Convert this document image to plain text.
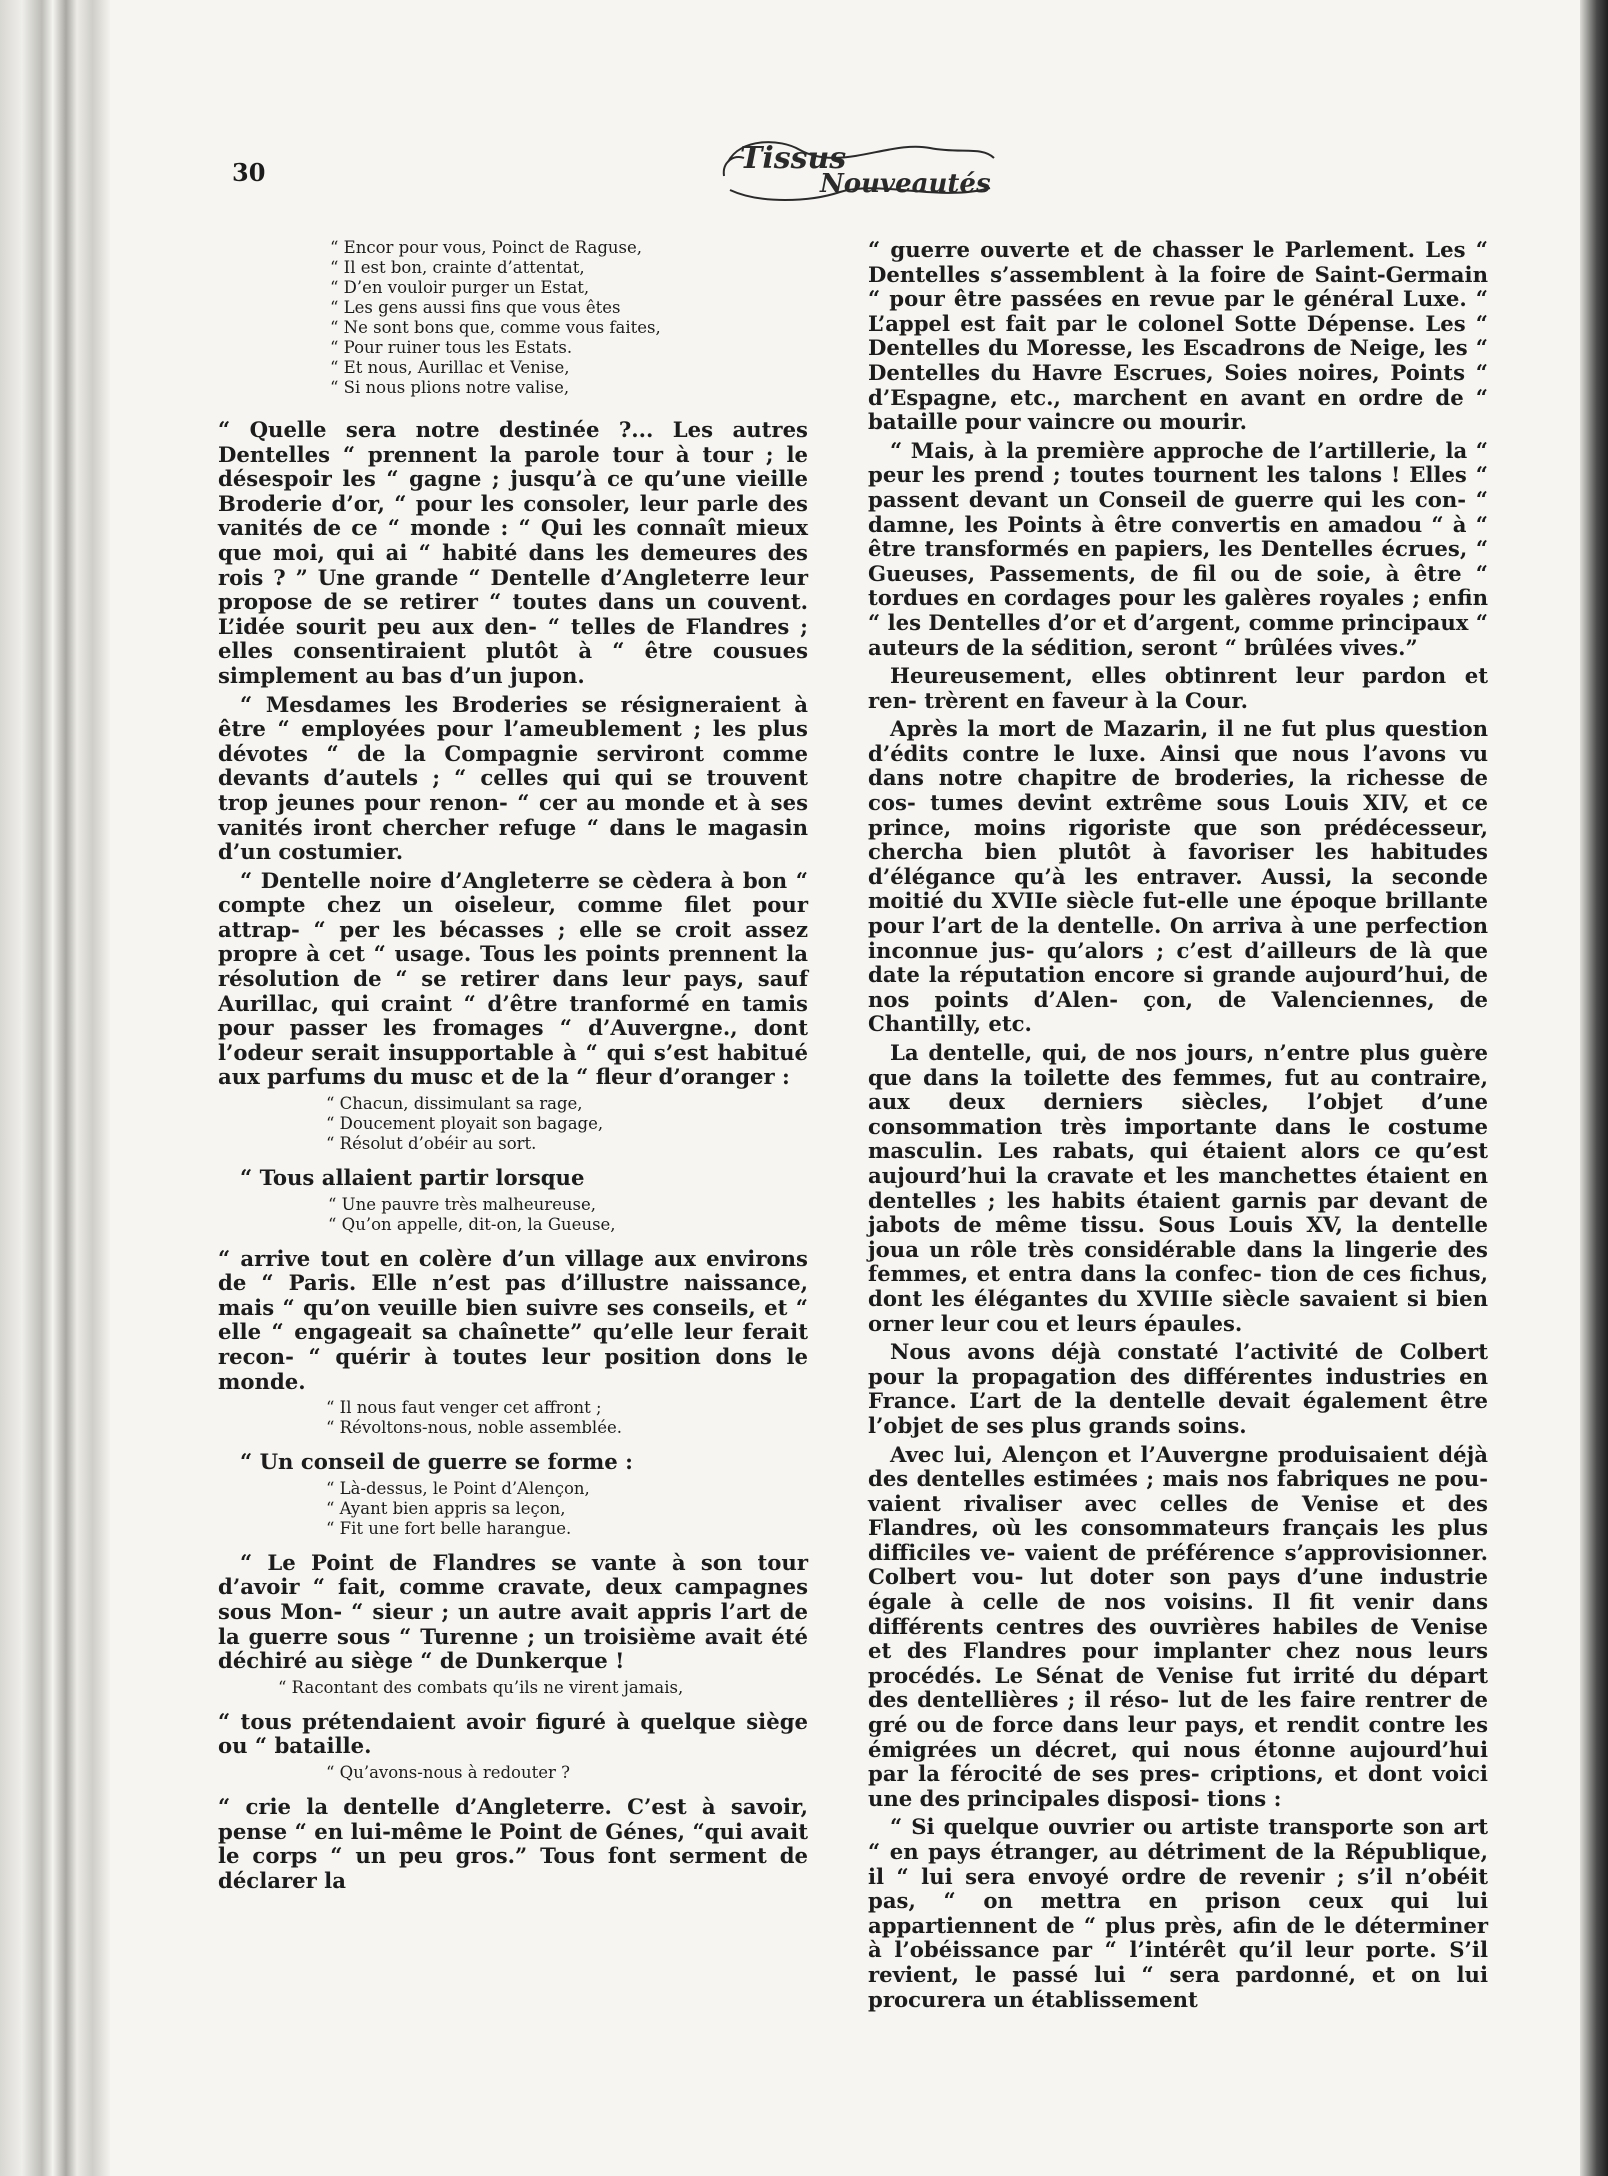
30	Tissus
Nouveautés
“ Encor pour vous, Poinct de Raguse,
“ Il est bon, crainte d’attentat,
“ D’en vouloir purger un Estat,
“ Les gens aussi fins que vous êtes
“ Ne sont bons que, comme vous faites,
“ Pour ruiner tous les Estats.
“ Et nous, Aurillac et Venise,
“ Si nous plions notre valise,

“ Quelle sera notre destinée ?... Les autres Dentelles “ prennent la parole tour à tour ; le désespoir les “ gagne ; jusqu’à ce qu’une vieille Broderie d’or, “ pour les consoler, leur parle des vanités de ce “ monde : “ Qui les connaît mieux que moi, qui ai “ habité dans les demeures des rois ? ” Une grande “ Dentelle d’Angleterre leur propose de se retirer “ toutes dans un couvent. L’idée sourit peu aux den- “ telles de Flandres ; elles consentiraient plutôt à “ être cousues simplement au bas d’un jupon.

“ Mesdames les Broderies se résigneraient à être “ employées pour l’ameublement ; les plus dévotes “ de la Compagnie serviront comme devants d’autels ; “ celles qui qui se trouvent trop jeunes pour renon- “ cer au monde et à ses vanités iront chercher refuge “ dans le magasin d’un costumier.

“ Dentelle noire d’Angleterre se cèdera à bon “ compte chez un oiseleur, comme filet pour attrap- “ per les bécasses ; elle se croit assez propre à cet “ usage. Tous les points prennent la résolution de “ se retirer dans leur pays, sauf Aurillac, qui craint “ d’être tranformé en tamis pour passer les fromages “ d’Auvergne., dont l’odeur serait insupportable à “ qui s’est habitué aux parfums du musc et de la “ fleur d’oranger :

“ Chacun, dissimulant sa rage,
“ Doucement ployait son bagage,
“ Résolut d’obéir au sort.

“ Tous allaient partir lorsque

“ Une pauvre très malheureuse,
“ Qu’on appelle, dit-on, la Gueuse,

“ arrive tout en colère d’un village aux environs de “ Paris. Elle n’est pas d’illustre naissance, mais “ qu’on veuille bien suivre ses conseils, et “ elle “ engageait sa chaînette” qu’elle leur ferait recon- “ quérir à toutes leur position dons le monde.

“ Il nous faut venger cet affront ;
“ Révoltons-nous, noble assemblée.

“ Un conseil de guerre se forme :

“ Là-dessus, le Point d’Alençon,
“ Ayant bien appris sa leçon,
“ Fit une fort belle harangue.

“ Le Point de Flandres se vante à son tour d’avoir “ fait, comme cravate, deux campagnes sous Mon- “ sieur ; un autre avait appris l’art de la guerre sous “ Turenne ; un troisième avait été déchiré au siège “ de Dunkerque !

“ Racontant des combats qu’ils ne virent jamais,

“ tous prétendaient avoir figuré à quelque siège ou “ bataille.

“ Qu’avons-nous à redouter ?

“ crie la dentelle d’Angleterre. C’est à savoir, pense “ en lui-même le Point de Génes, “qui avait le corps “ un peu gros.” Tous font serment de déclarer la

“ guerre ouverte et de chasser le Parlement. Les “ Dentelles s’assemblent à la foire de Saint-Germain “ pour être passées en revue par le général Luxe. “ L’appel est fait par le colonel Sotte Dépense. Les “ Dentelles du Moresse, les Escadrons de Neige, les “ Dentelles du Havre Escrues, Soies noires, Points “ d’Espagne, etc., marchent en avant en ordre de “ bataille pour vaincre ou mourir.

“ Mais, à la première approche de l’artillerie, la “ peur les prend ; toutes tournent les talons ! Elles “ passent devant un Conseil de guerre qui les con- “ damne, les Points à être convertis en amadou “ à “ être transformés en papiers, les Dentelles écrues, “ Gueuses, Passements, de fil ou de soie, à être “ tordues en cordages pour les galères royales ; enfin “ les Dentelles d’or et d’argent, comme principaux “ auteurs de la sédition, seront “ brûlées vives.”

Heureusement, elles obtinrent leur pardon et ren- trèrent en faveur à la Cour.

Après la mort de Mazarin, il ne fut plus question d’édits contre le luxe. Ainsi que nous l’avons vu dans notre chapitre de broderies, la richesse de cos- tumes devint extrême sous Louis XIV, et ce prince, moins rigoriste que son prédécesseur, chercha bien plutôt à favoriser les habitudes d’élégance qu’à les entraver. Aussi, la seconde moitié du XVIIe siècle fut-elle une époque brillante pour l’art de la dentelle. On arriva à une perfection inconnue jus- qu’alors ; c’est d’ailleurs de là que date la réputation encore si grande aujourd’hui, de nos points d’Alen- çon, de Valenciennes, de Chantilly, etc.

La dentelle, qui, de nos jours, n’entre plus guère que dans la toilette des femmes, fut au contraire, aux deux derniers siècles, l’objet d’une consommation très importante dans le costume masculin. Les rabats, qui étaient alors ce qu’est aujourd’hui la cravate et les manchettes étaient en dentelles ; les habits étaient garnis par devant de jabots de même tissu. Sous Louis XV, la dentelle joua un rôle très considérable dans la lingerie des femmes, et entra dans la confec- tion de ces fichus, dont les élégantes du XVIIIe siècle savaient si bien orner leur cou et leurs épaules.

Nous avons déjà constaté l’activité de Colbert pour la propagation des différentes industries en France. L’art de la dentelle devait également être l’objet de ses plus grands soins.

Avec lui, Alençon et l’Auvergne produisaient déjà des dentelles estimées ; mais nos fabriques ne pou- vaient rivaliser avec celles de Venise et des Flandres, où les consommateurs français les plus difficiles ve- vaient de préférence s’approvisionner. Colbert vou- lut doter son pays d’une industrie égale à celle de nos voisins. Il fit venir dans différents centres des ouvrières habiles de Venise et des Flandres pour implanter chez nous leurs procédés. Le Sénat de Venise fut irrité du départ des dentellières ; il réso- lut de les faire rentrer de gré ou de force dans leur pays, et rendit contre les émigrées un décret, qui nous étonne aujourd’hui par la férocité de ses pres- criptions, et dont voici une des principales disposi- tions :

“ Si quelque ouvrier ou artiste transporte son art “ en pays étranger, au détriment de la République, il “ lui sera envoyé ordre de revenir ; s’il n’obéit pas, “ on mettra en prison ceux qui lui appartiennent de “ plus près, afin de le déterminer à l’obéissance par “ l’intérêt qu’il leur porte. S’il revient, le passé lui “ sera pardonné, et on lui procurera un établissement
